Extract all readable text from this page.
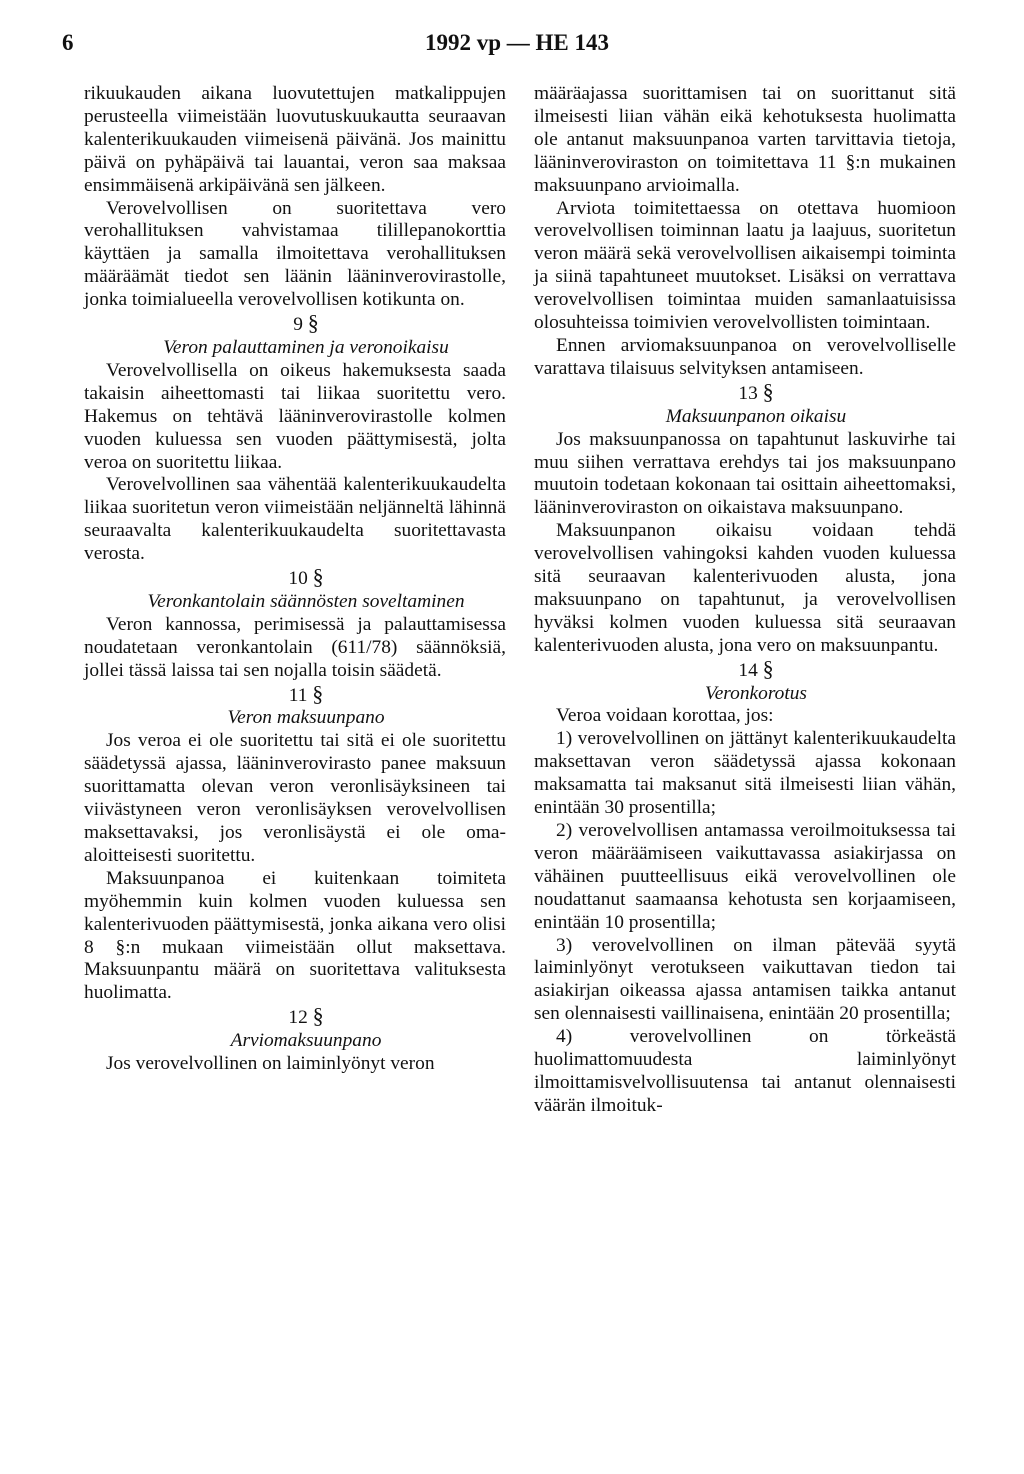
6	1992 vp — HE 143

rikuukauden aikana luovutettujen matkalippujen perusteella viimeistään luovutuskuukautta seuraavan kalenterikuukauden viimeisenä päivänä. Jos mainittu päivä on pyhäpäivä tai lauantai, veron saa maksaa ensimmäisenä arkipäivänä sen jälkeen.

Verovelvollisen on suoritettava vero verohallituksen vahvistamaa tilillepanokorttia käyttäen ja samalla ilmoitettava verohallituksen määräämät tiedot sen läänin lääninverovirastolle, jonka toimialueella verovelvollisen kotikunta on.

9 §

Veron palauttaminen ja veronoikaisu

Verovelvollisella on oikeus hakemuksesta saada takaisin aiheettomasti tai liikaa suoritettu vero. Hakemus on tehtävä lääninverovirastolle kolmen vuoden kuluessa sen vuoden päättymisestä, jolta veroa on suoritettu liikaa.

Verovelvollinen saa vähentää kalenterikuukaudelta liikaa suoritetun veron viimeistään neljänneltä lähinnä seuraavalta kalenterikuukaudelta suoritettavasta verosta.

10 §

Veronkantolain säännösten soveltaminen

Veron kannossa, perimisessä ja palauttamisessa noudatetaan veronkantolain (611/78) säännöksiä, jollei tässä laissa tai sen nojalla toisin säädetä.

11 §

Veron maksuunpano

Jos veroa ei ole suoritettu tai sitä ei ole suoritettu säädetyssä ajassa, lääninverovirasto panee maksuun suorittamatta olevan veron veronlisäyksineen tai viivästyneen veron veronlisäyksen verovelvollisen maksettavaksi, jos veronlisäystä ei ole oma-aloitteisesti suoritettu.

Maksuunpanoa ei kuitenkaan toimiteta myöhemmin kuin kolmen vuoden kuluessa sen kalenterivuoden päättymisestä, jonka aikana vero olisi 8 §:n mukaan viimeistään ollut maksettava. Maksuunpantu määrä on suoritettava valituksesta huolimatta.

12 §

Arviomaksuunpano

Jos verovelvollinen on laiminlyönyt veron

määräajassa suorittamisen tai on suorittanut sitä ilmeisesti liian vähän eikä kehotuksesta huolimatta ole antanut maksuunpanoa varten tarvittavia tietoja, lääninveroviraston on toimitettava 11 §:n mukainen maksuunpano arvioimalla.

Arviota toimitettaessa on otettava huomioon verovelvollisen toiminnan laatu ja laajuus, suoritetun veron määrä sekä verovelvollisen aikaisempi toiminta ja siinä tapahtuneet muutokset. Lisäksi on verrattava verovelvollisen toimintaa muiden samanlaatuisissa olosuhteissa toimivien verovelvollisten toimintaan.

Ennen arviomaksuunpanoa on verovelvolliselle varattava tilaisuus selvityksen antamiseen.

13 §

Maksuunpanon oikaisu

Jos maksuunpanossa on tapahtunut laskuvirhe tai muu siihen verrattava erehdys tai jos maksuunpano muutoin todetaan kokonaan tai osittain aiheettomaksi, lääninveroviraston on oikaistava maksuunpano.

Maksuunpanon oikaisu voidaan tehdä verovelvollisen vahingoksi kahden vuoden kuluessa sitä seuraavan kalenterivuoden alusta, jona maksuunpano on tapahtunut, ja verovelvollisen hyväksi kolmen vuoden kuluessa sitä seuraavan kalenterivuoden alusta, jona vero on maksuunpantu.

14 §

Veronkorotus

Veroa voidaan korottaa, jos:

1) verovelvollinen on jättänyt kalenterikuukaudelta maksettavan veron säädetyssä ajassa kokonaan maksamatta tai maksanut sitä ilmeisesti liian vähän, enintään 30 prosentilla;

2) verovelvollisen antamassa veroilmoituksessa tai veron määräämiseen vaikuttavassa asiakirjassa on vähäinen puutteellisuus eikä verovelvollinen ole noudattanut saamaansa kehotusta sen korjaamiseen, enintään 10 prosentilla;

3) verovelvollinen on ilman pätevää syytä laiminlyönyt verotukseen vaikuttavan tiedon tai asiakirjan oikeassa ajassa antamisen taikka antanut sen olennaisesti vaillinaisena, enintään 20 prosentilla;

4) verovelvollinen on törkeästä huolimattomuudesta laiminlyönyt ilmoittamisvelvollisuutensa tai antanut olennaisesti väärän ilmoituk-
